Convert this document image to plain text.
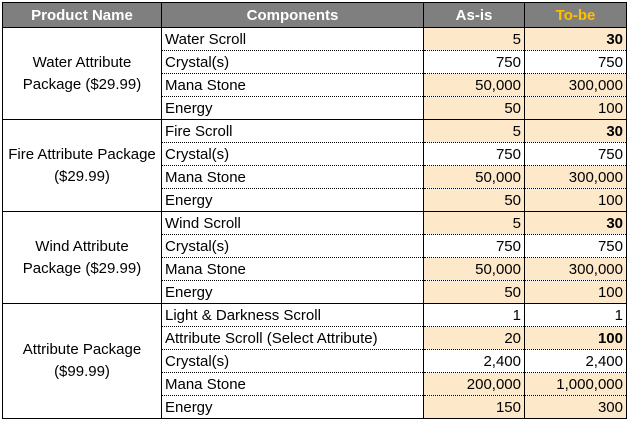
Product Name	Components	As-is	To-be
Water Attribute Package ($29.99)	Water Scroll	5	30
	Crystal(s)	750	750
	Mana Stone	50,000	300,000
	Energy	50	100
Fire Attribute Package ($29.99)	Fire Scroll	5	30
	Crystal(s)	750	750
	Mana Stone	50,000	300,000
	Energy	50	100
Wind Attribute Package ($29.99)	Wind Scroll	5	30
	Crystal(s)	750	750
	Mana Stone	50,000	300,000
	Energy	50	100
Attribute Package ($99.99)	Light & Darkness Scroll	1	1
	Attribute Scroll (Select Attribute)	20	100
	Crystal(s)	2,400	2,400
	Mana Stone	200,000	1,000,000
	Energy	150	300
